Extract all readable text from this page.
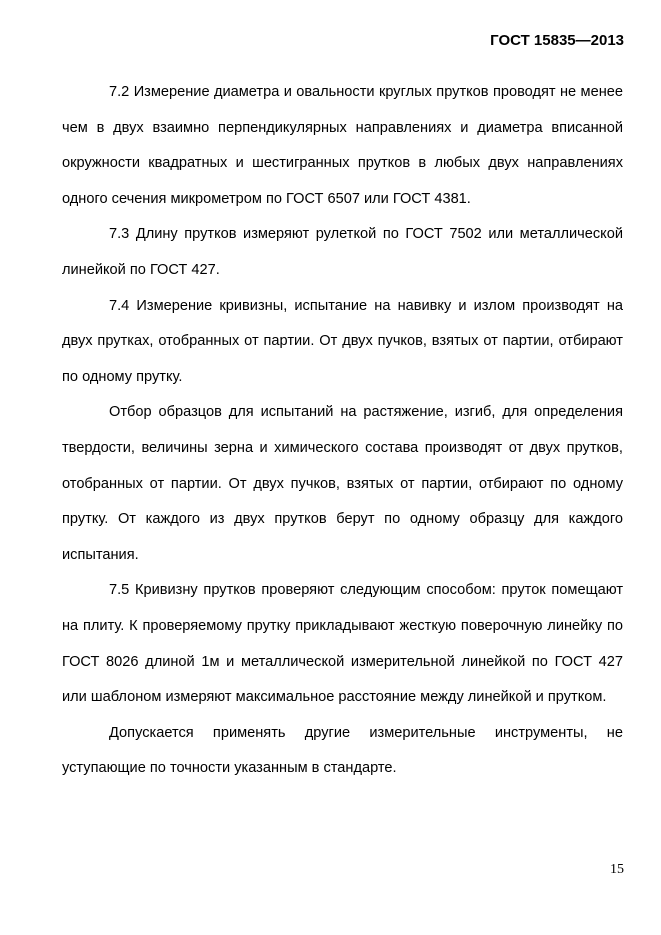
ГОСТ 15835—2013

7.2 Измерение диаметра и овальности круглых прутков проводят не менее чем в двух взаимно перпендикулярных направлениях и диаметра вписанной окружности квадратных и шестигранных прутков в любых двух направлениях одного сечения микрометром по ГОСТ 6507 или ГОСТ 4381.

7.3 Длину прутков измеряют рулеткой по ГОСТ 7502 или металлической линейкой по ГОСТ 427.

7.4 Измерение кривизны, испытание на навивку и излом производят на двух прутках, отобранных от партии. От двух пучков, взятых от партии, отбирают по одному прутку.

Отбор образцов для испытаний на растяжение, изгиб, для определения твердости, величины зерна и химического состава производят от двух прутков, отобранных от партии. От двух пучков, взятых от партии, отбирают по одному прутку. От каждого из двух прутков берут по одному образцу для каждого испытания.

7.5 Кривизну прутков проверяют следующим способом: пруток помещают на плиту. К проверяемому прутку прикладывают жесткую поверочную линейку по ГОСТ 8026 длиной 1м и металлической измерительной линейкой по ГОСТ 427 или шаблоном измеряют максимальное расстояние между линейкой и прутком.

Допускается применять другие измерительные инструменты, не уступающие по точности указанным в стандарте.

15
